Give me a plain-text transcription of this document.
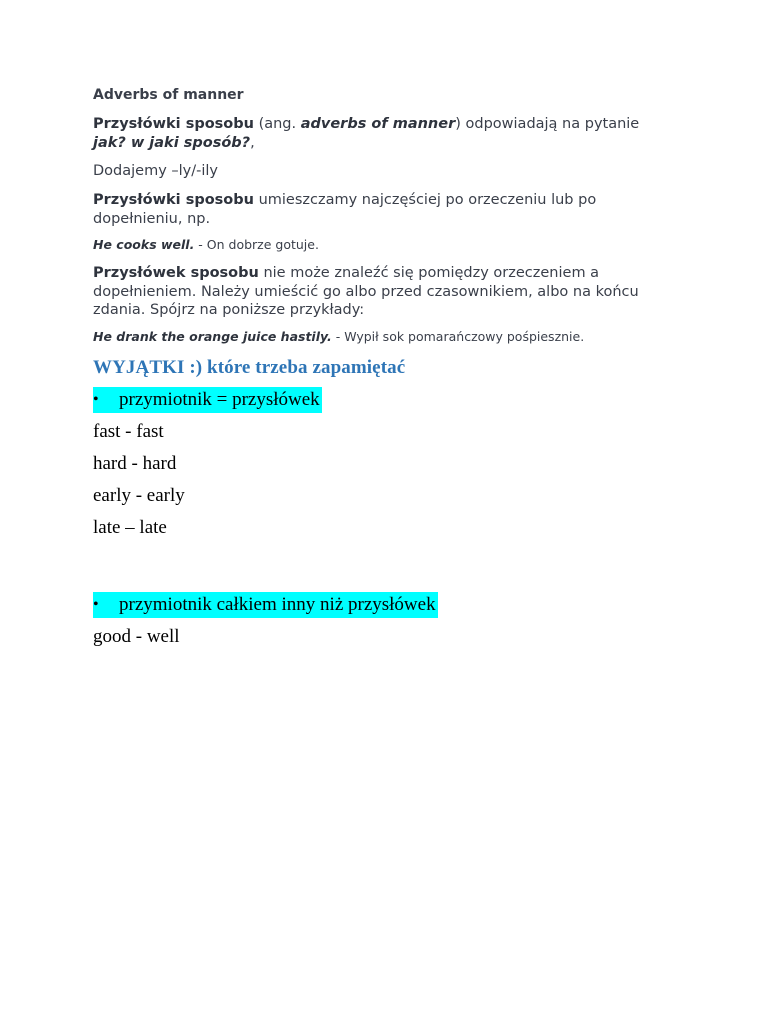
Adverbs of manner
Przysłówki sposobu (ang. adverbs of manner) odpowiadają na pytanie jak? w jaki sposób?,
Dodajemy –ly/-ily
Przysłówki sposobu umieszczamy najczęściej po orzeczeniu lub po dopełnieniu, np.
He cooks well. - On dobrze gotuje.
Przysłówek sposobu nie może znaleźć się pomiędzy orzeczeniem a dopełnieniem. Należy umieścić go albo przed czasownikiem, albo na końcu zdania. Spójrz na poniższe przykłady:
He drank the orange juice hastily. - Wypił sok pomarańczowy pośpiesznie.
WYJĄTKI :) które trzeba zapamiętać
• przymiotnik = przysłówek
fast - fast
hard - hard
early - early
late – late
• przymiotnik całkiem inny niż przysłówek
good - well
